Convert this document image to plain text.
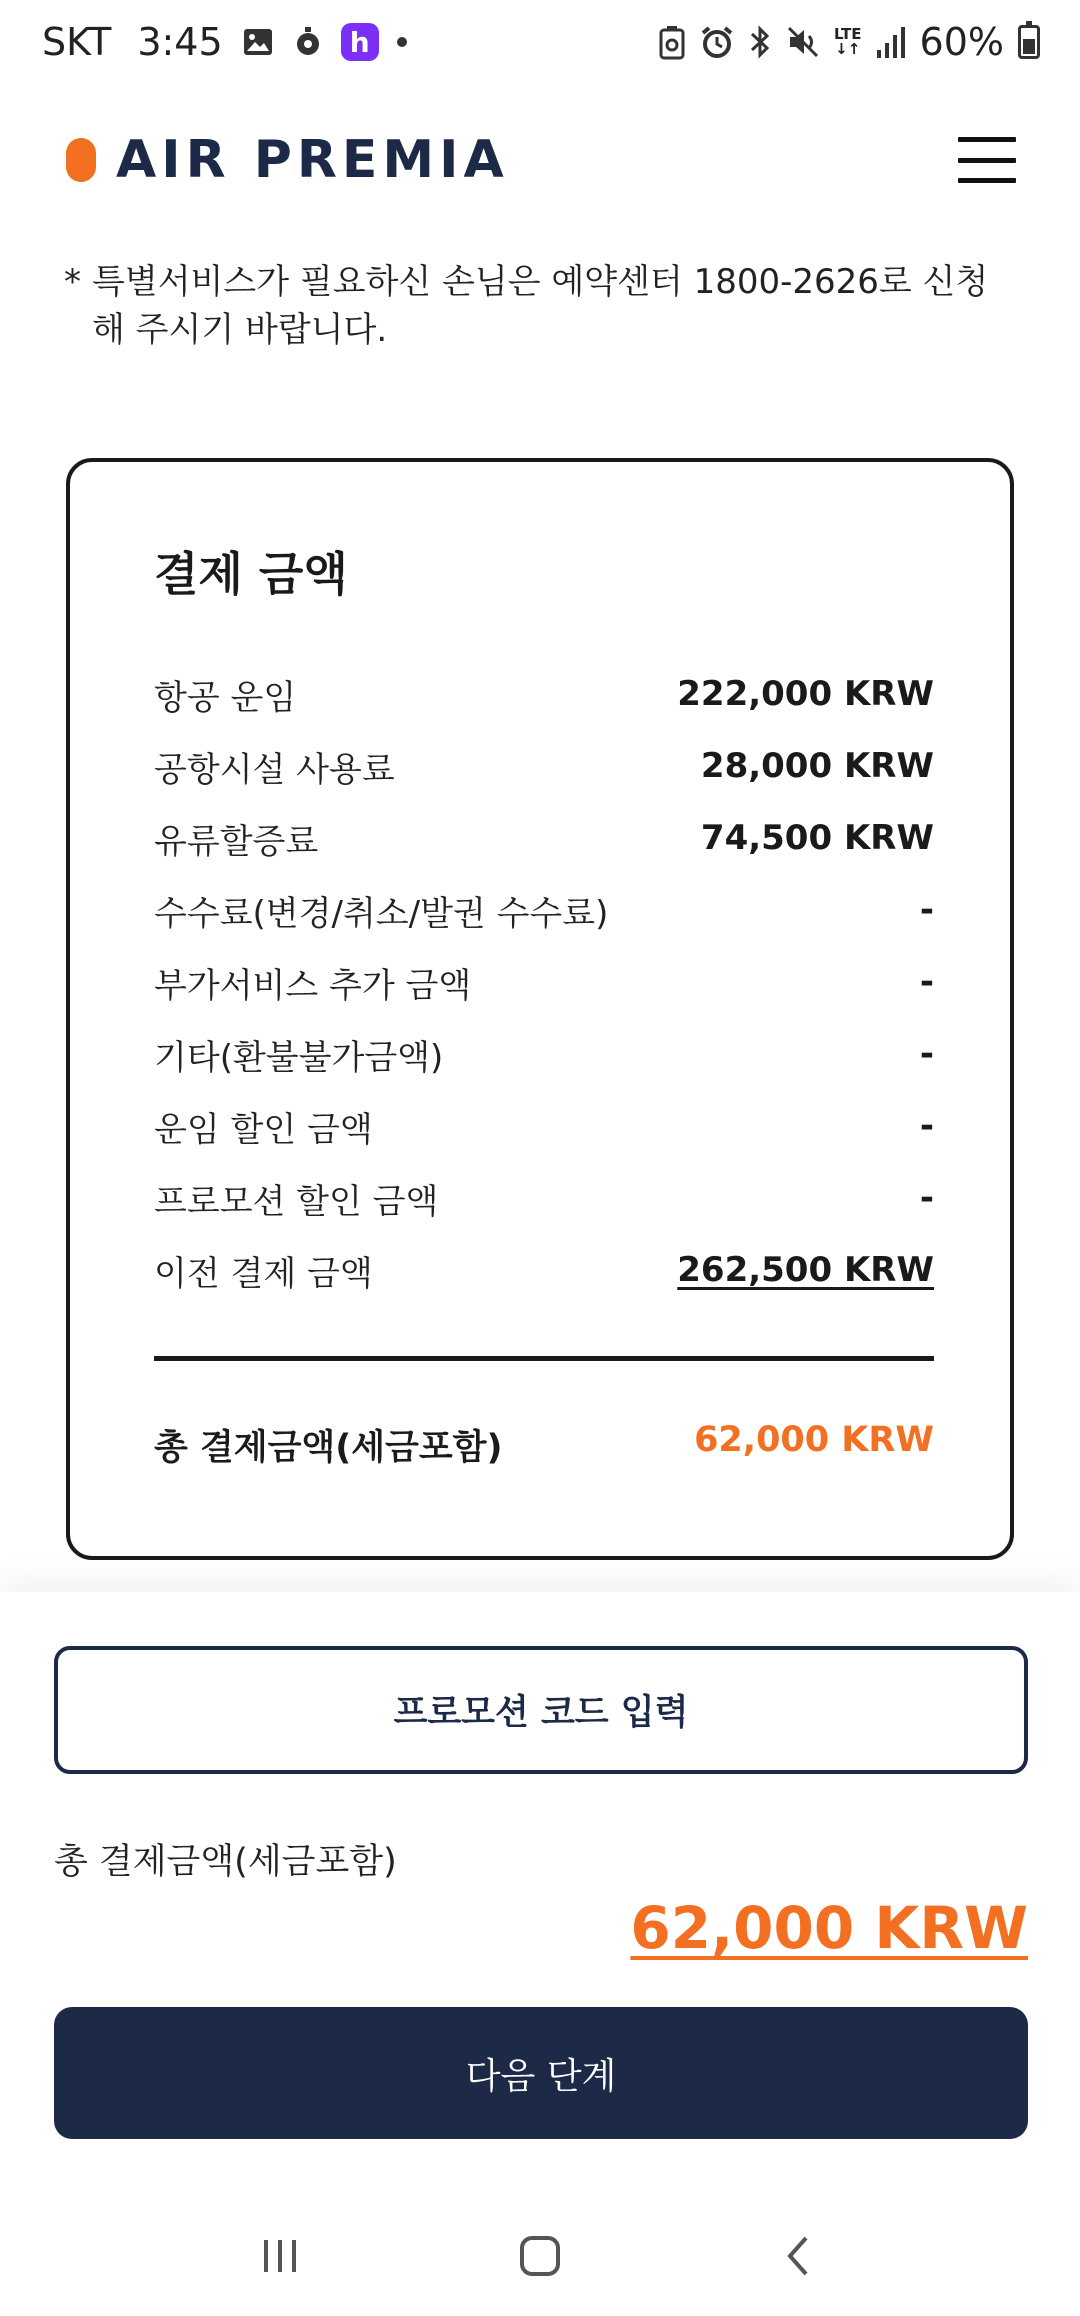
SKT 3:45	h	LTE
↓↑ 60%
AIR PREMIA
* 특별서비스가 필요하신 손님은 예약센터 1800-2626로 신청해 주시기 바랍니다.
결제 금액
항공 운임	222,000 KRW
공항시설 사용료	28,000 KRW
유류할증료	74,500 KRW
수수료(변경/취소/발권 수수료)	-
부가서비스 추가 금액	-
기타(환불불가금액)	-
운임 할인 금액	-
프로모션 할인 금액	-
이전 결제 금액	262,500 KRW
총 결제금액(세금포함)	62,000 KRW
프로모션 코드 입력
총 결제금액(세금포함)
62,000 KRW
다음 단계
